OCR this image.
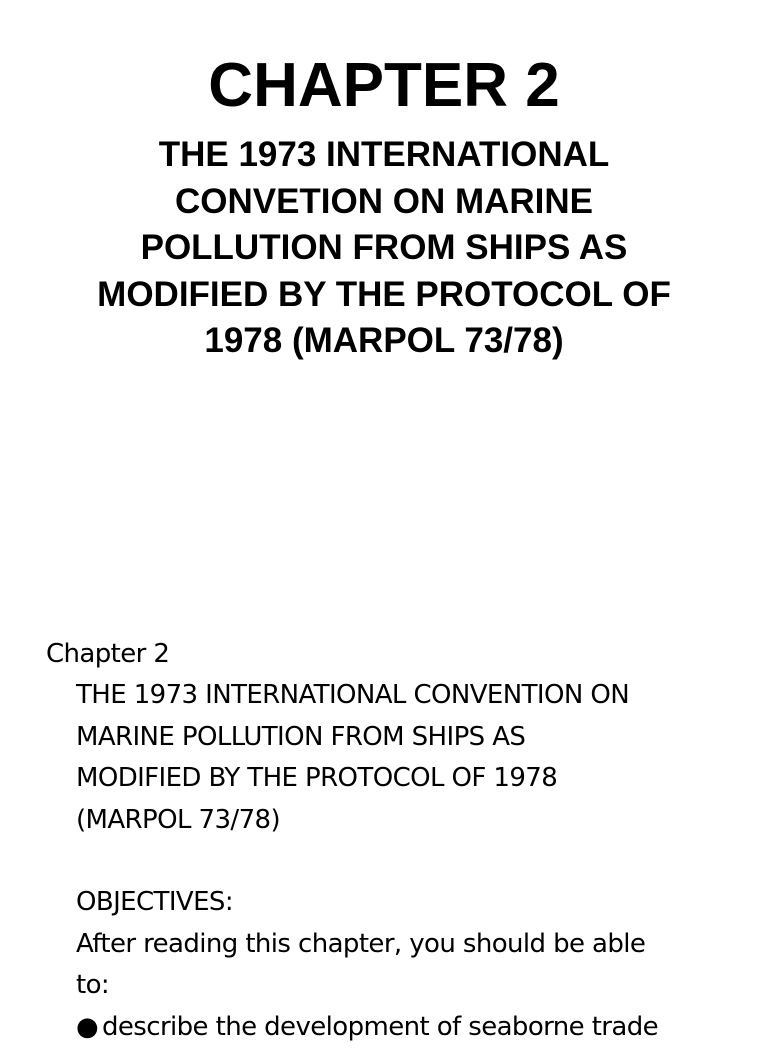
CHAPTER 2
THE 1973 INTERNATIONAL
CONVETION ON MARINE
POLLUTION FROM SHIPS AS
MODIFIED BY THE PROTOCOL OF
1978 (MARPOL 73/78)
Chapter 2
THE 1973 INTERNATIONAL CONVENTION ON
MARINE POLLUTION FROM SHIPS AS
MODIFIED BY THE PROTOCOL OF 1978
(MARPOL 73/78)
OBJECTIVES:
After reading this chapter, you should be able
to:
● describe the development of seaborne trade
